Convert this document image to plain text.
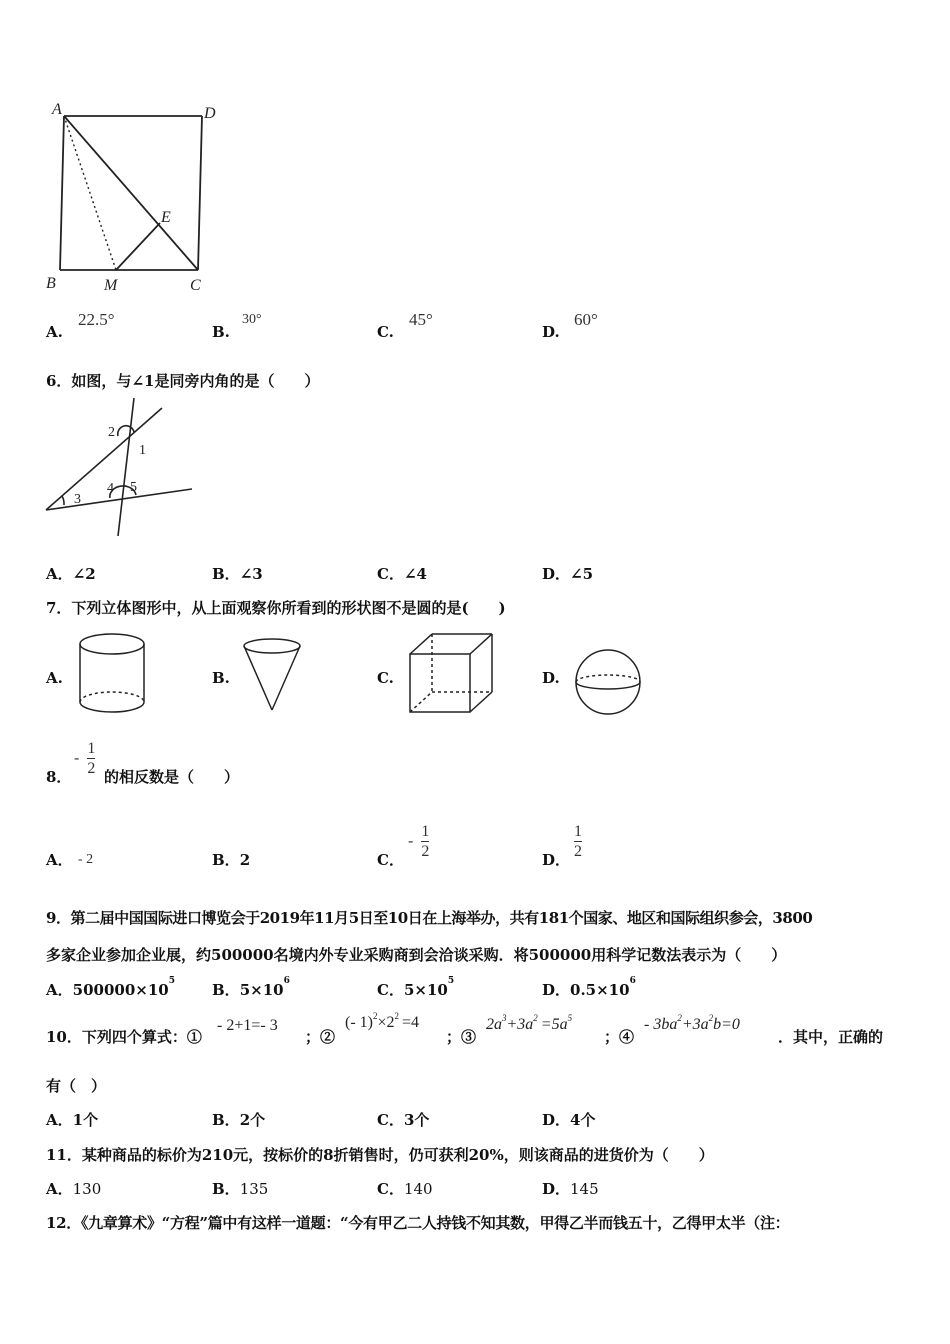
A	D
B	M	C
E
A.
22.5°
B.
30°
C.
45°
D.
60°
6．如图，与∠1是同旁内角的是（　　）
2
1
3
4 5
A．∠2	B．∠3	C．∠4	D．∠5
7．下列立体图形中，从上面观察你所看到的形状图不是圆的是(　　)
A.	B.	C.	D.
8．
- $\frac{1}{2}$ 的相反数是（　　）
A． - 2	B．2	C．
- $\frac{1}{2}$	D． $\frac{1}{2}$
9．第二届中国国际进口博览会于2019年11月5日至10日在上海举办，共有181个国家、地区和国际组织参会，3800
多家企业参加企业展，约500000名境内外专业采购商到会洽谈采购．将500000用科学记数法表示为（　　）
A．$500000\times 10^5$ B．$5\times 10^6$	C．$5\times 10^5$	D．$0.5\times 10^6$
10．下列四个算式：①
- 2+1=- 3
；②
(- $1)^2\times 2^2 =4$
；③
$2a^3+3a^2 =5a^5$
；④
- $3ba^2+3a^2b=0$
．其中，正确的
有（　）
A．1个	B．2个	C．3个	D．4个
11．某种商品的标价为210元，按标价的8折销售时，仍可获利20%，则该商品的进货价为（　　）
A．130	B．135	C．140	D．145
12．《九章算术》“方程”篇中有这样一道题：“今有甲乙二人持钱不知其数，甲得乙半而钱五十，乙得甲太半（注：
